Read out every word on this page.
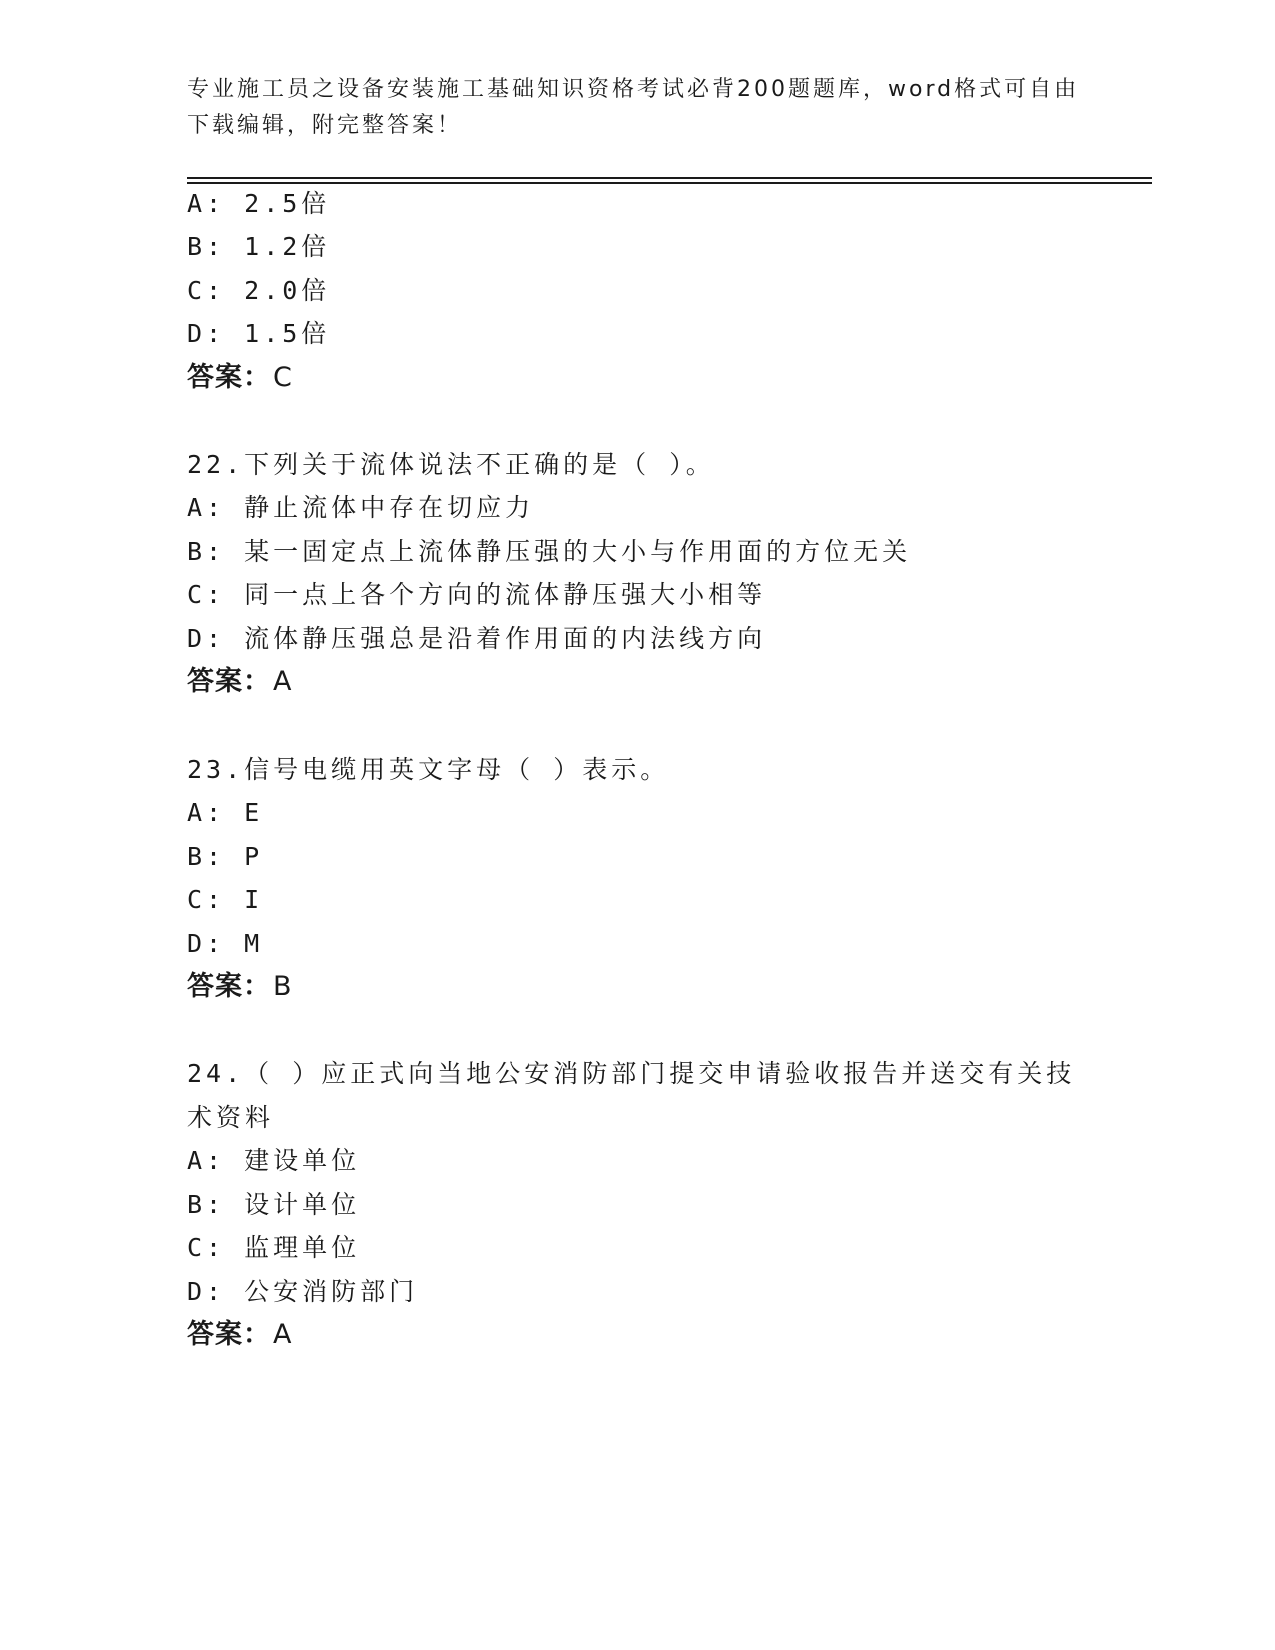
专业施工员之设备安装施工基础知识资格考试必背200题题库，word格式可自由下载编辑，附完整答案！
A: 2.5倍
B: 1.2倍
C: 2.0倍
D: 1.5倍
答案：C
22.下列关于流体说法不正确的是（ ）。
A: 静止流体中存在切应力
B: 某一固定点上流体静压强的大小与作用面的方位无关
C: 同一点上各个方向的流体静压强大小相等
D: 流体静压强总是沿着作用面的内法线方向
答案：A
23.信号电缆用英文字母（ ）表示。
A: E
B: P
C: I
D: M
答案：B
24.（ ）应正式向当地公安消防部门提交申请验收报告并送交有关技
术资料
A: 建设单位
B: 设计单位
C: 监理单位
D: 公安消防部门
答案：A
